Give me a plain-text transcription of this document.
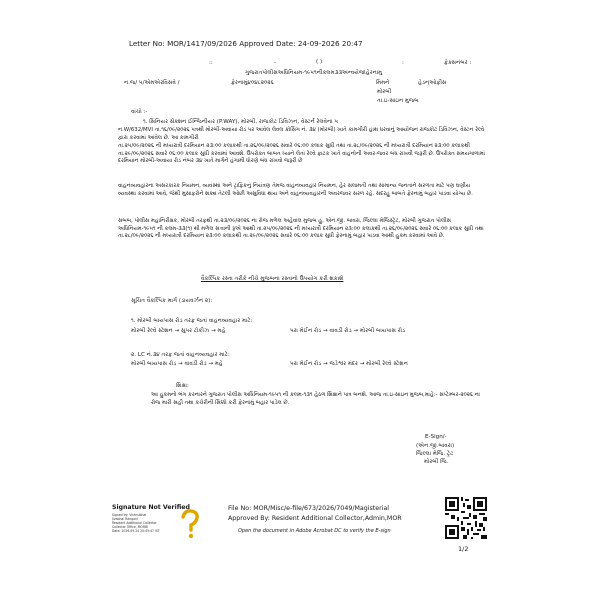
Letter No: MOR/1417/09/2026 Approved Date: 24-09-2026 20:47
::	-	( )	:	ફેક્સનંબર :
ગુજરાતપોલીસઅધિનિયમ-૧૯૫૧નીકલમ૩૩અન્વયેજાહેરનામુ
ન.જ/ ૫/એમએરવિસવે /	ફેરનામું૪૦૪૮૨૦૨૬	મિમને	હેડન્ઓફીસ
મોરબી
તા.ઇ-સાઇન મુજબ
વાંચો :-
૧. સિનિયર સેક્શન ઈન્જિનીયર (P.WAY), મોરબી, રાજકોટ ડિવિઝન, વેસ્ટર્ન રેલવેના પ
ન.W/632/MVI તા.૧૬/૦૯/૨૦૨૬ પત્રથી મોરબી-અવાયા રોડ પર આવેલ લેવલ ક્રોસિંગ નં. ૩૪ (મોરબી) ખાતે કામગીરી હાથ ધરવાનું આયોજન રાજકોટ ડિવિઝન, વેસ્ટન રેલ્વે દ્વારા કરવામાં આવેલ છે. આ કામગીરી
તા.૨૫/૦૯/૨૦૨૬ ની મધ્યરાત્રી દરમિયાન ૨૩:૦૦ કલાકથી તા.૨૬/૦૯/૨૦૨૬ સવારે ૦૬:૦૦ કલાક સુધી તથા તા.૨૮/૦૯/૨૦૨૬ ની મધ્યરાત્રી દરમિયાન ૨૩:૦૦ કલાકથી તા.૨૯/૦૯/૨૦૨૬ સવારે ૦૬:૦૦ કલાક સુધી કરવામાં આવશે. ઉપરોક્ત બાબત ધ્યાને લેતાં રેલ્વે ફાટક ખાતે વાહનોની અવર-જવર બંધ રાખવી જરૂરી છે. ઉપરોક્ત સમયગાળામાં દરમિયાન મોરબી-અવાયા રોડ નંબર ૩૪ ખાતે માર્ગને હંગામી ધોરણે બંધ રાખવો જરૂરી છે
વાહનવ્યવહારના અસરકારક નિયમન, વ્યવસ્થા અને ટ્રાફિકનું નિયંત્રણ તેમજ વાહનવ્યવહાર નિયમન, હેર સલામતી તથા સામાન્ય જનતાને સરળતા માટે પણ ઘણીય વ્યવસ્થા કરવામાં આવે, જેથી મુસાફરોને શક્ય તેટલી ઓછી અસુવિધા થાય અને વાહનવ્યવહારની અવરજવર સરળ રહે. સદરહુ બાબતે ફેરનામું બહાર પાડવા યોગ્ય છે.
સબબ, પોલીસ મહાનિરીક્ષક, મોરબી તરફથી તા.૨૩/૦૯/૨૦૨૬ ના રોજ મળેલ અહેવાલ મુજબ હું, એન.જી. બાવરા, જિલ્લા મેજિસ્ટ્રેટ, મોરબી ગુજરાત પોલીસ અધિનિયમ-૧૯૫૧ ની કલમ-૩૩(૧) થી મળેલ સત્તાની રૂએ આથી તા.૨૫/૦૯/૨૦૨૬ ની મધ્યરાત્રી દરમિયાન ૨૩:૦૦ કલાકથી તા.૨૬/૦૯/૨૦૨૬ સવારે ૦૬:૦૦ કલાક સુધી તથા તા.૨૮/૦૯/૨૦૨૬ ની મધ્યરાત્રી દરમિયાન ૨૩:૦૦ કલાકથી તા.૨૯/૦૯/૨૦૨૬ સવારે ૦૬:૦૦ કલાક સુધી ફેરનામું બહાર પાડવા આથી હુકમ કરવામાં આવે છે.
વૈકલ્પિક રસ્તા તરીકે નીચે મુજબના રસ્તાનો ઉપયોગ કરી શકાશે
સૂચિત વૈકલ્પિક માર્ગ (ડાયવર્ઝન ૨):
૧. મોરબી બાયપાસ રોડ તરફ જતાં વાહનવ્યવહાર માટે:
મોરબી રેલ્વે સ્ટેશન → સુપર ટોકીઝ → મહે	પરા મેઈન રોડ → વાવડી રોડ → મોરબી બાયપાસ રોડ
૨. LC નં.૩૪ તરફ જતાં વાહનવ્યવહાર માટે:
મોરબી બાયપાસ રોડ → વાવડી રોડ → મહે	પરા મેઈન રોડ → જડેશ્વર મંદર → મોરબી રેલ્વે સ્ટેશન
શિક્ષા:
આ હુકમનો ભંગ કરનારને ગુજરાત પોલીસ અધિનિયમ-૧૯૫૧ ની કલમ-૧૩૧ હેઠળ શિક્ષાને પાત્ર બનશે. આજ તા.ઇ-સાઇન મુજબ,માહે:- સપ્ટેમ્બર-૨૦૨૬ ના રોજ મારી સહી તથા કચેરીની સિક્કો કરી ફેરનામું બહાર પાડેલ છે.
E-Sign/-
(એન.જી.બાવરા)
જિલ્લા મેજિ. ટ્રેટ
મોરબી જિ.
Signature Not Verified
Signed by: Vishnubhai
Jivabhai Rangani
Resident Additional Collector
Collector Office, MORBI
Date: 2026.09.24 20:45:47 IST
File No: MOR/Misc/e-file/673/2026/7049/Magisterial
Approved By: Resident Additional Collector,Admin,MOR
Open the document in Adobe Acrobat DC to verify the E-sign
1/2
